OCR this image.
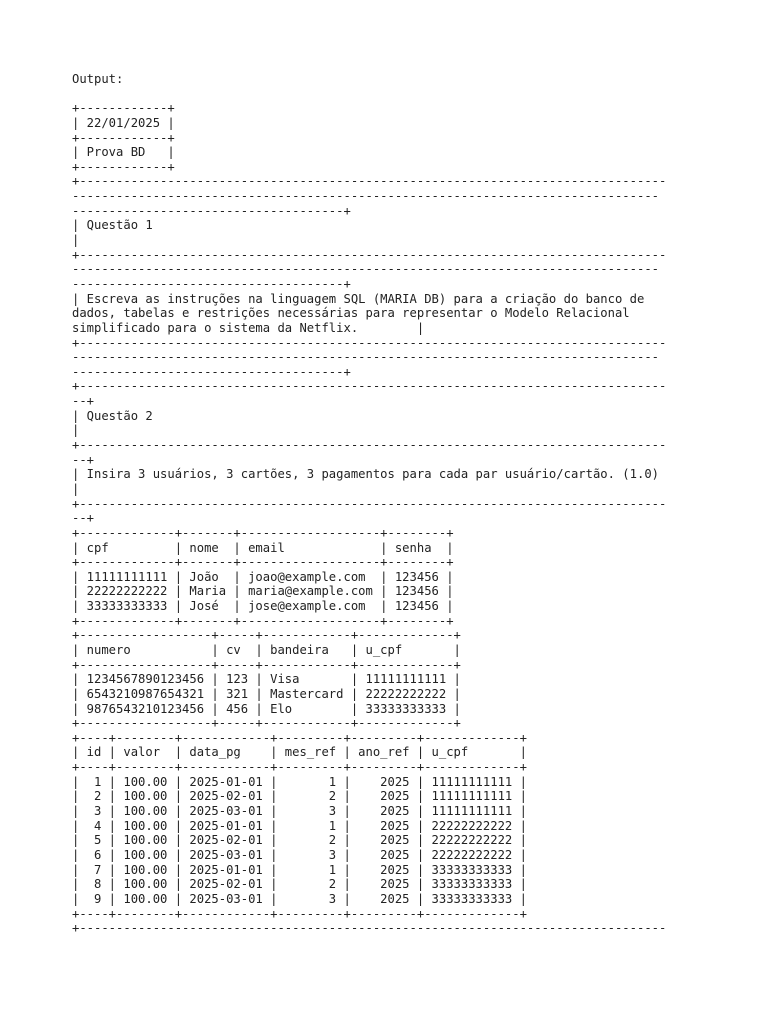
Output:
+------------+
| 22/01/2025 |
+------------+
| Prova BD   |
+------------+
+--------------------------------------------------------------------------------
--------------------------------------------------------------------------------
-------------------------------------+
| Questão 1
|
+--------------------------------------------------------------------------------
--------------------------------------------------------------------------------
-------------------------------------+
| Escreva as instruções na linguagem SQL (MARIA DB) para a criação do banco de
dados, tabelas e restrições necessárias para representar o Modelo Relacional
simplificado para o sistema da Netflix.        |
+--------------------------------------------------------------------------------
--------------------------------------------------------------------------------
-------------------------------------+
+--------------------------------------------------------------------------------
--+
| Questão 2
|
+--------------------------------------------------------------------------------
--+
| Insira 3 usuários, 3 cartões, 3 pagamentos para cada par usuário/cartão. (1.0)
|
+--------------------------------------------------------------------------------
--+
+-------------+-------+-------------------+--------+
| cpf         | nome  | email             | senha  |
+-------------+-------+-------------------+--------+
| 11111111111 | João  | joao@example.com  | 123456 |
| 22222222222 | Maria | maria@example.com | 123456 |
| 33333333333 | José  | jose@example.com  | 123456 |
+-------------+-------+-------------------+--------+
+------------------+-----+------------+-------------+
| numero           | cv  | bandeira   | u_cpf       |
+------------------+-----+------------+-------------+
| 1234567890123456 | 123 | Visa       | 11111111111 |
| 6543210987654321 | 321 | Mastercard | 22222222222 |
| 9876543210123456 | 456 | Elo        | 33333333333 |
+------------------+-----+------------+-------------+
+----+--------+------------+---------+---------+-------------+
| id | valor  | data_pg    | mes_ref | ano_ref | u_cpf       |
+----+--------+------------+---------+---------+-------------+
|  1 | 100.00 | 2025-01-01 |       1 |    2025 | 11111111111 |
|  2 | 100.00 | 2025-02-01 |       2 |    2025 | 11111111111 |
|  3 | 100.00 | 2025-03-01 |       3 |    2025 | 11111111111 |
|  4 | 100.00 | 2025-01-01 |       1 |    2025 | 22222222222 |
|  5 | 100.00 | 2025-02-01 |       2 |    2025 | 22222222222 |
|  6 | 100.00 | 2025-03-01 |       3 |    2025 | 22222222222 |
|  7 | 100.00 | 2025-01-01 |       1 |    2025 | 33333333333 |
|  8 | 100.00 | 2025-02-01 |       2 |    2025 | 33333333333 |
|  9 | 100.00 | 2025-03-01 |       3 |    2025 | 33333333333 |
+----+--------+------------+---------+---------+-------------+
+--------------------------------------------------------------------------------
